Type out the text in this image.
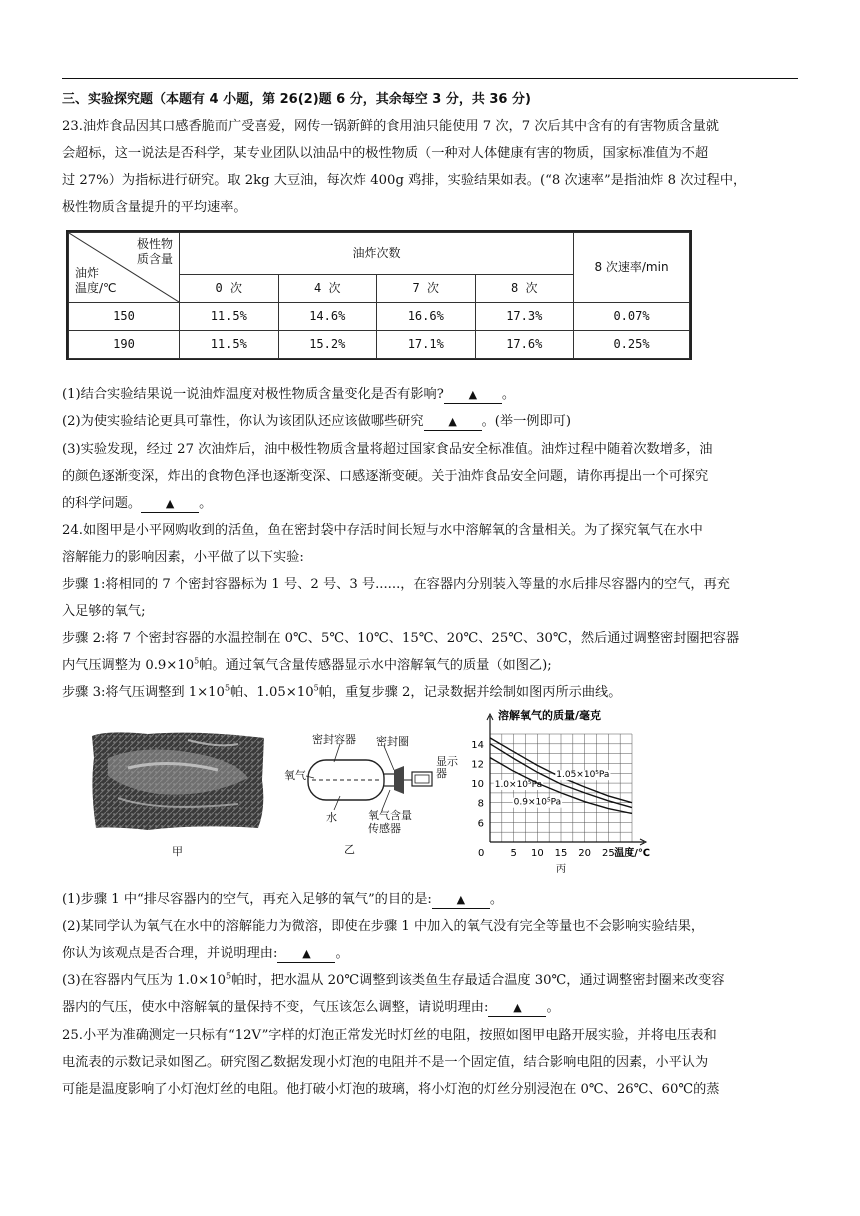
三、实验探究题（本题有 4 小题，第 26(2)题 6 分，其余每空 3 分，共 36 分)
23.油炸食品因其口感香脆而广受喜爱，网传一锅新鲜的食用油只能使用 7 次，7 次后其中含有的有害物质含量就
会超标，这一说法是否科学，某专业团队以油品中的极性物质（一种对人体健康有害的物质，国家标准值为不超
过 27%）为指标进行研究。取 2kg 大豆油，每次炸 400g 鸡排，实验结果如表。(“8 次速率”是指油炸 8 次过程中，
极性物质含量提升的平均速率。
极性物
质含量
油炸
温度/℃	油炸次数				8 次速率/min
	0 次	4 次	7 次	8 次	
150	11.5%	14.6%	16.6%	17.3%	0.07%
190	11.5%	15.2%	17.1%	17.6%	0.25%
(1)结合实验结果说一说油炸温度对极性物质含量变化是否有影响? ▲ 。
(2)为使实验结论更具可靠性，你认为该团队还应该做哪些研究 ▲ 。(举一例即可)
(3)实验发现，经过 27 次油炸后，油中极性物质含量将超过国家食品安全标准值。油炸过程中随着次数增多，油
的颜色逐渐变深，炸出的食物色泽也逐渐变深、口感逐渐变硬。关于油炸食品安全问题，请你再提出一个可探究
的科学问题。 ▲ 。
24.如图甲是小平网购收到的活鱼，鱼在密封袋中存活时间长短与水中溶解氧的含量相关。为了探究氧气在水中
溶解能力的影响因素，小平做了以下实验:
步骤 1:将相同的 7 个密封容器标为 1 号、2 号、3 号......，在容器内分别装入等量的水后排尽容器内的空气，再充
入足够的氧气;
步骤 2:将 7 个密封容器的水温控制在 0℃、5℃、10℃、15℃、20℃、25℃、30℃，然后通过调整密封圈把容器
内气压调整为 $0.9\times 10^5$帕。通过氧气含量传感器显示水中溶解氧气的质量（如图乙);
步骤 3:将气压调整到 $1\times 10^5$帕、$1.05\times 10^5$帕，重复步骤 2，记录数据并绘制如图丙所示曲线。
甲
密封容器 密封圈
显示器
氧气
水	氧气含量
传感器
乙
溶解氧气的质量/毫克
6
8
10
12
14
0	5 10 15 20 25 温度/℃
丙
1.05×10⁵Pa
1.0×10⁵Pa
0.9×10⁵Pa
(1)步骤 1 中“排尽容器内的空气，再充入足够的氧气”的目的是: ▲ 。
(2)某同学认为氧气在水中的溶解能力为微溶，即使在步骤 1 中加入的氧气没有完全等量也不会影响实验结果，
你认为该观点是否合理，并说明理由: ▲ 。
(3)在容器内气压为 $1.0\times 10^5$帕时，把水温从 20℃调整到该类鱼生存最适合温度 30℃，通过调整密封圈来改变容
器内的气压，使水中溶解氧的量保持不变，气压该怎么调整，请说明理由: ▲ 。
25.小平为准确测定一只标有“12V”字样的灯泡正常发光时灯丝的电阻，按照如图甲电路开展实验，并将电压表和
电流表的示数记录如图乙。研究图乙数据发现小灯泡的电阻并不是一个固定值，结合影响电阻的因素，小平认为
可能是温度影响了小灯泡灯丝的电阻。他打破小灯泡的玻璃，将小灯泡的灯丝分别浸泡在 0℃、26℃、60℃的蒸
